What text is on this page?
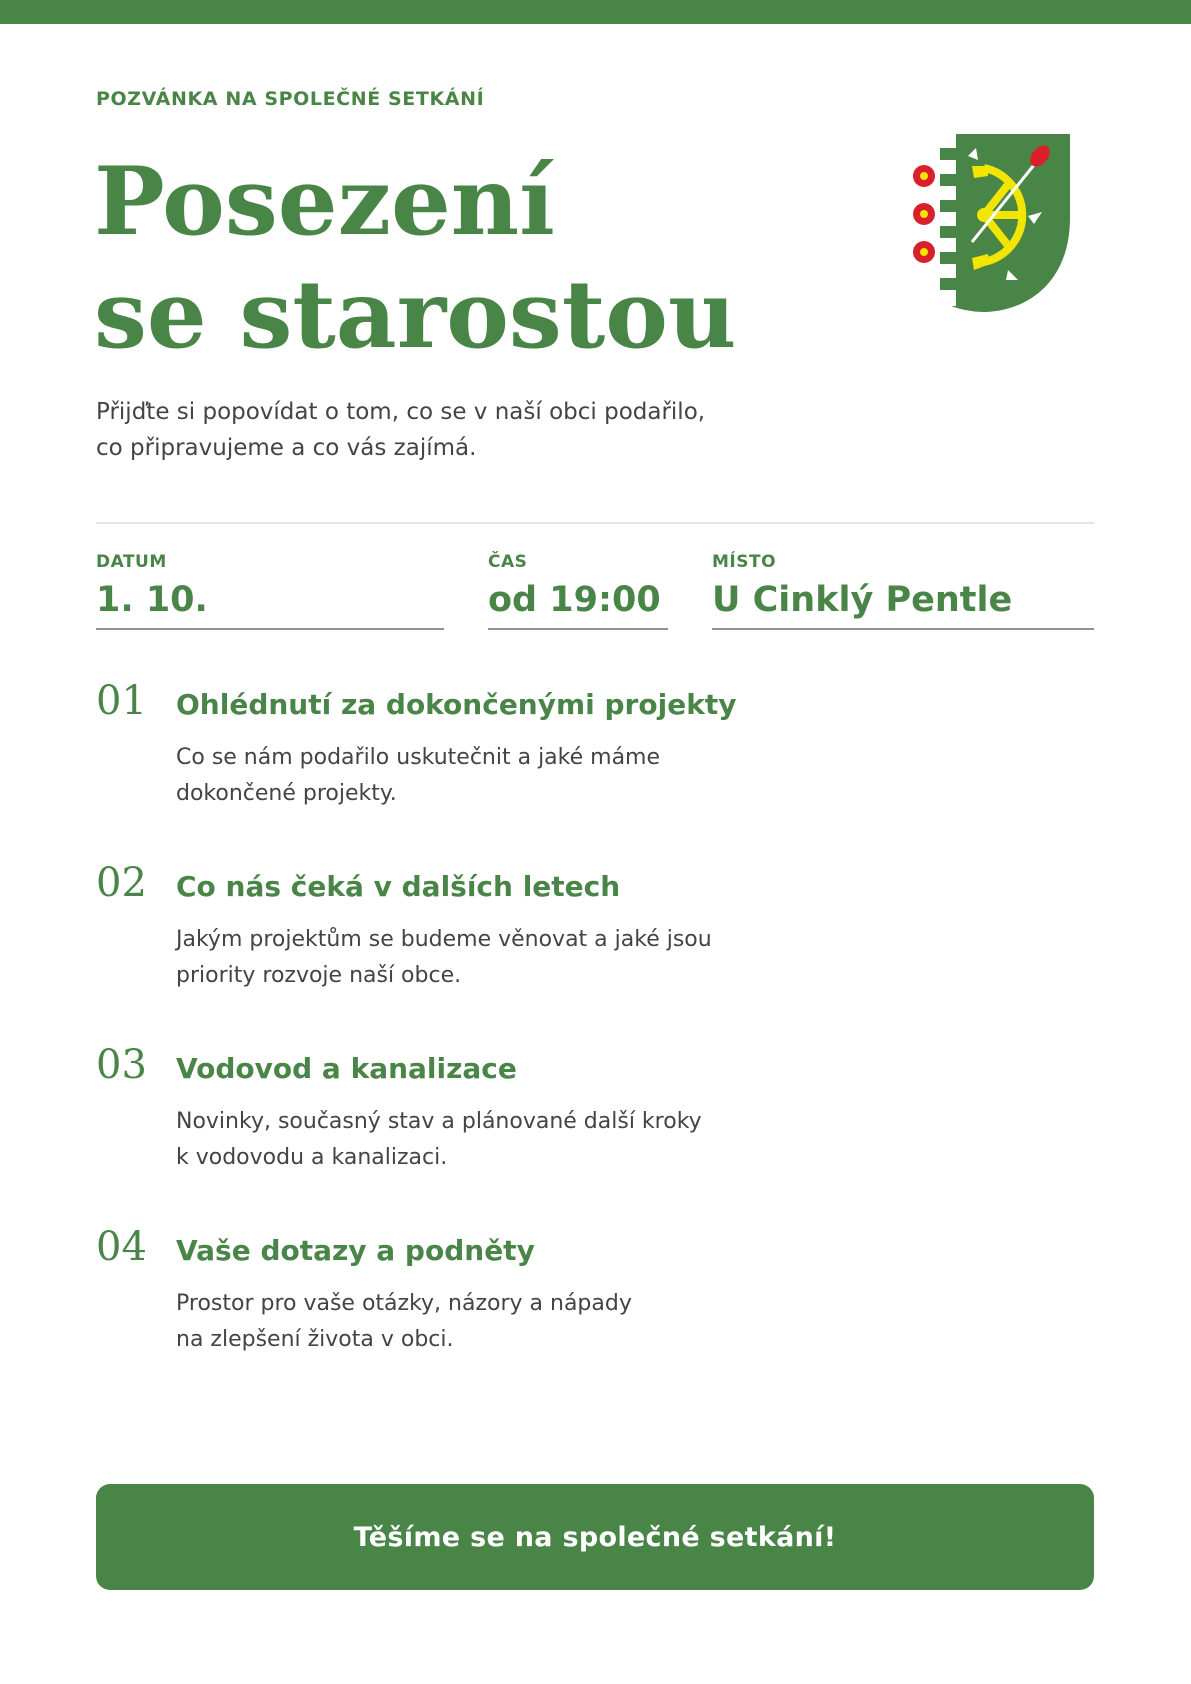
POZVÁNKA NA SPOLEČNÉ SETKÁNÍ
Posezení
se starostou
Přijďte si popovídat o tom, co se v naší obci podařilo,
co připravujeme a co vás zajímá.
DATUM
1. 10.
ČAS
od 19:00
MÍSTO
U Cinklý Pentle
01 Ohlédnutí za dokončenými projekty
Co se nám podařilo uskutečnit a jaké máme
dokončené projekty.
02 Co nás čeká v dalších letech
Jakým projektům se budeme věnovat a jaké jsou
priority rozvoje naší obce.
03 Vodovod a kanalizace
Novinky, současný stav a plánované další kroky
k vodovodu a kanalizaci.
04 Vaše dotazy a podněty
Prostor pro vaše otázky, názory a nápady
na zlepšení života v obci.
Těšíme se na společné setkání!
